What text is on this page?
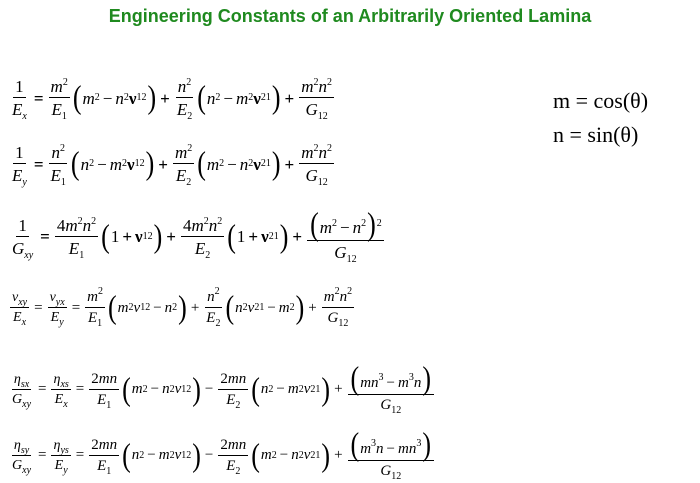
Engineering Constants of an Arbitrarily Oriented Lamina
$\frac{1}{E_x} = \frac{m^2}{E_1}$ ( m 2 − n 2 ν 12 ) + $\frac{n^2}{E_2}$ ( n 2 − m 2 ν 21 ) + $\frac{m^2n^2}{G_{12}}$
$\frac{1}{E_y} = \frac{n^2}{E_1}$ ( n 2 − m 2 ν 12 ) + $\frac{m^2}{E_2}$ ( m 2 − n 2 ν 21 ) + $\frac{m^2n^2}{G_{12}}$
$\frac{1}{G_{xy}} = \frac{4m^2n^2}{E_1}$ ( 1 + ν 12 ) + $\frac{4m^2n^2}{E_2}$ ( 1 + ν 21 ) + $\frac{(m^2 - n^2)^2}{G_{12}}$
$\frac{\nu_{xy}}{E_x} = \frac{\nu_{yx}}{E_y} = \frac{m^2}{E_1}$ ( m 2 ν 12 − n 2 ) + $\frac{n^2}{E_2}$ ( n 2 ν 21 − m 2 ) + $\frac{m^2n^2}{G_{12}}$
$\frac{\eta_{sx}}{G_{xy}} = \frac{\eta_{xs}}{E_x} = \frac{2mn}{E_1}$ ( m 2 − n 2 ν 12 ) − $\frac{2mn}{E_2}$ ( n 2 − m 2 ν 21 ) + $\frac{(mn^3 - m^3n)}{G_{12}}$
$\frac{\eta_{sy}}{G_{xy}} = \frac{\eta_{ys}}{E_y} = \frac{2mn}{E_1}$ ( n 2 − m 2 ν 12 ) − $\frac{2mn}{E_2}$ ( m 2 − n 2 ν 21 ) + $\frac{(m^3n - mn^3)}{G_{12}}$
m = cos(θ)
n = sin(θ)
